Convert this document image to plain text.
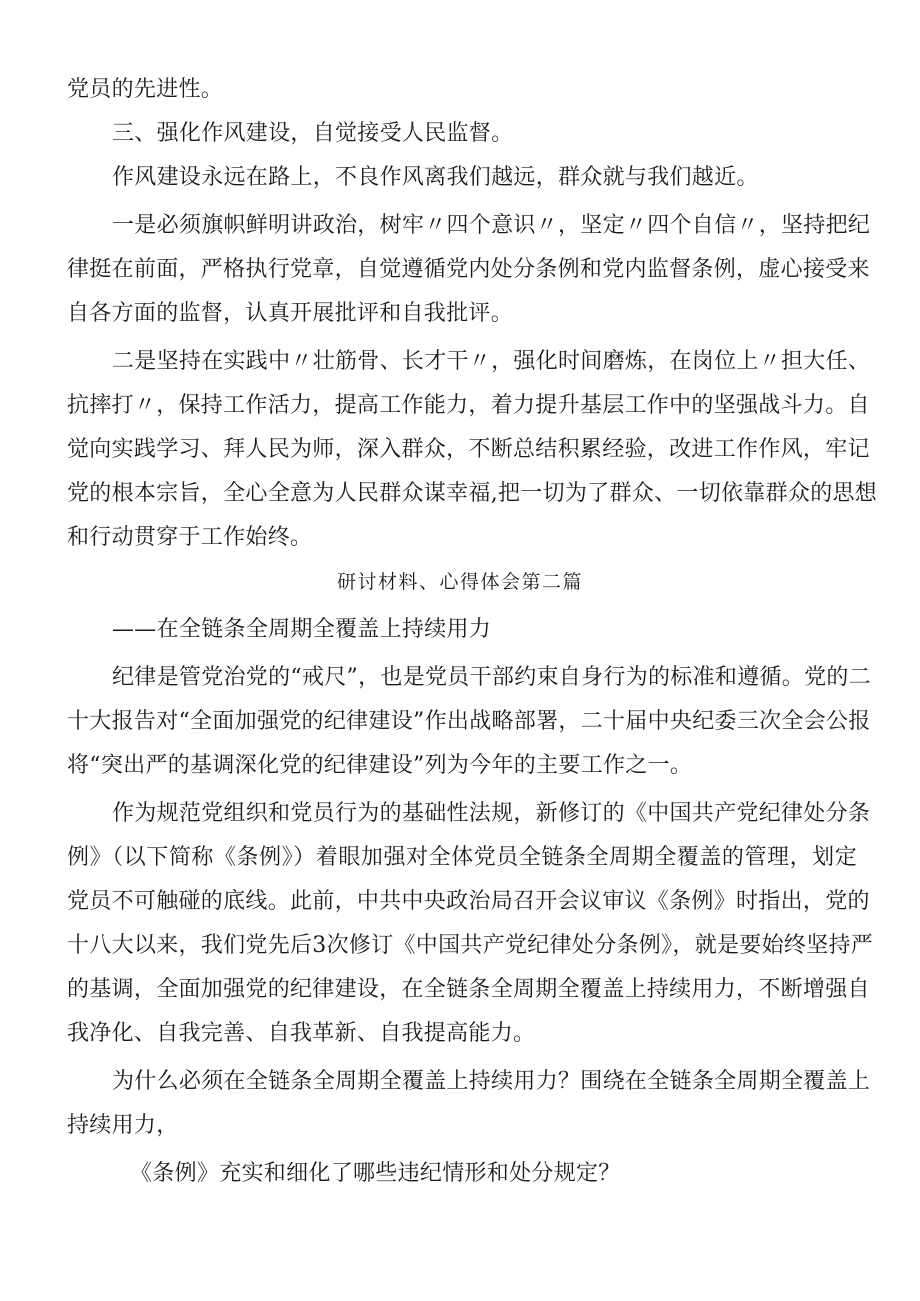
研讨材料、心得体会第二篇
党员的先进性。
三、强化作风建设，自觉接受人民监督。
作风建设永远在路上，不良作风离我们越远，群众就与我们越近。
一是必须旗帜鲜明讲政治，树牢〃四个意识〃，坚定〃四个自信〃，坚持把纪
律挺在前面，严格执行党章，自觉遵循党内处分条例和党内监督条例，虚心接受来
自各方面的监督，认真开展批评和自我批评。
二是坚持在实践中〃壮筋骨、长才干〃，强化时间磨炼，在岗位上〃担大任、
抗摔打〃，保持工作活力，提高工作能力，着力提升基层工作中的坚强战斗力。自
觉向实践学习、拜人民为师，深入群众，不断总结积累经验，改进工作作风，牢记
党的根本宗旨，全心全意为人民群众谋幸福,把一切为了群众、一切依靠群众的思想
和行动贯穿于工作始终。
——在全链条全周期全覆盖上持续用力
纪律是管党治党的“戒尺”，也是党员干部约束自身行为的标准和遵循。党的二
十大报告对“全面加强党的纪律建设”作出战略部署，二十届中央纪委三次全会公报
将“突出严的基调深化党的纪律建设”列为今年的主要工作之一。
作为规范党组织和党员行为的基础性法规，新修订的《中国共产党纪律处分条
例》（以下简称《条例》）着眼加强对全体党员全链条全周期全覆盖的管理，划定
党员不可触碰的底线。此前，中共中央政治局召开会议审议《条例》时指出，党的
十八大以来，我们党先后3次修订《中国共产党纪律处分条例》，就是要始终坚持严
的基调，全面加强党的纪律建设，在全链条全周期全覆盖上持续用力，不断增强自
我净化、自我完善、自我革新、自我提高能力。
为什么必须在全链条全周期全覆盖上持续用力？围绕在全链条全周期全覆盖上
持续用力，
《条例》充实和细化了哪些违纪情形和处分规定？
